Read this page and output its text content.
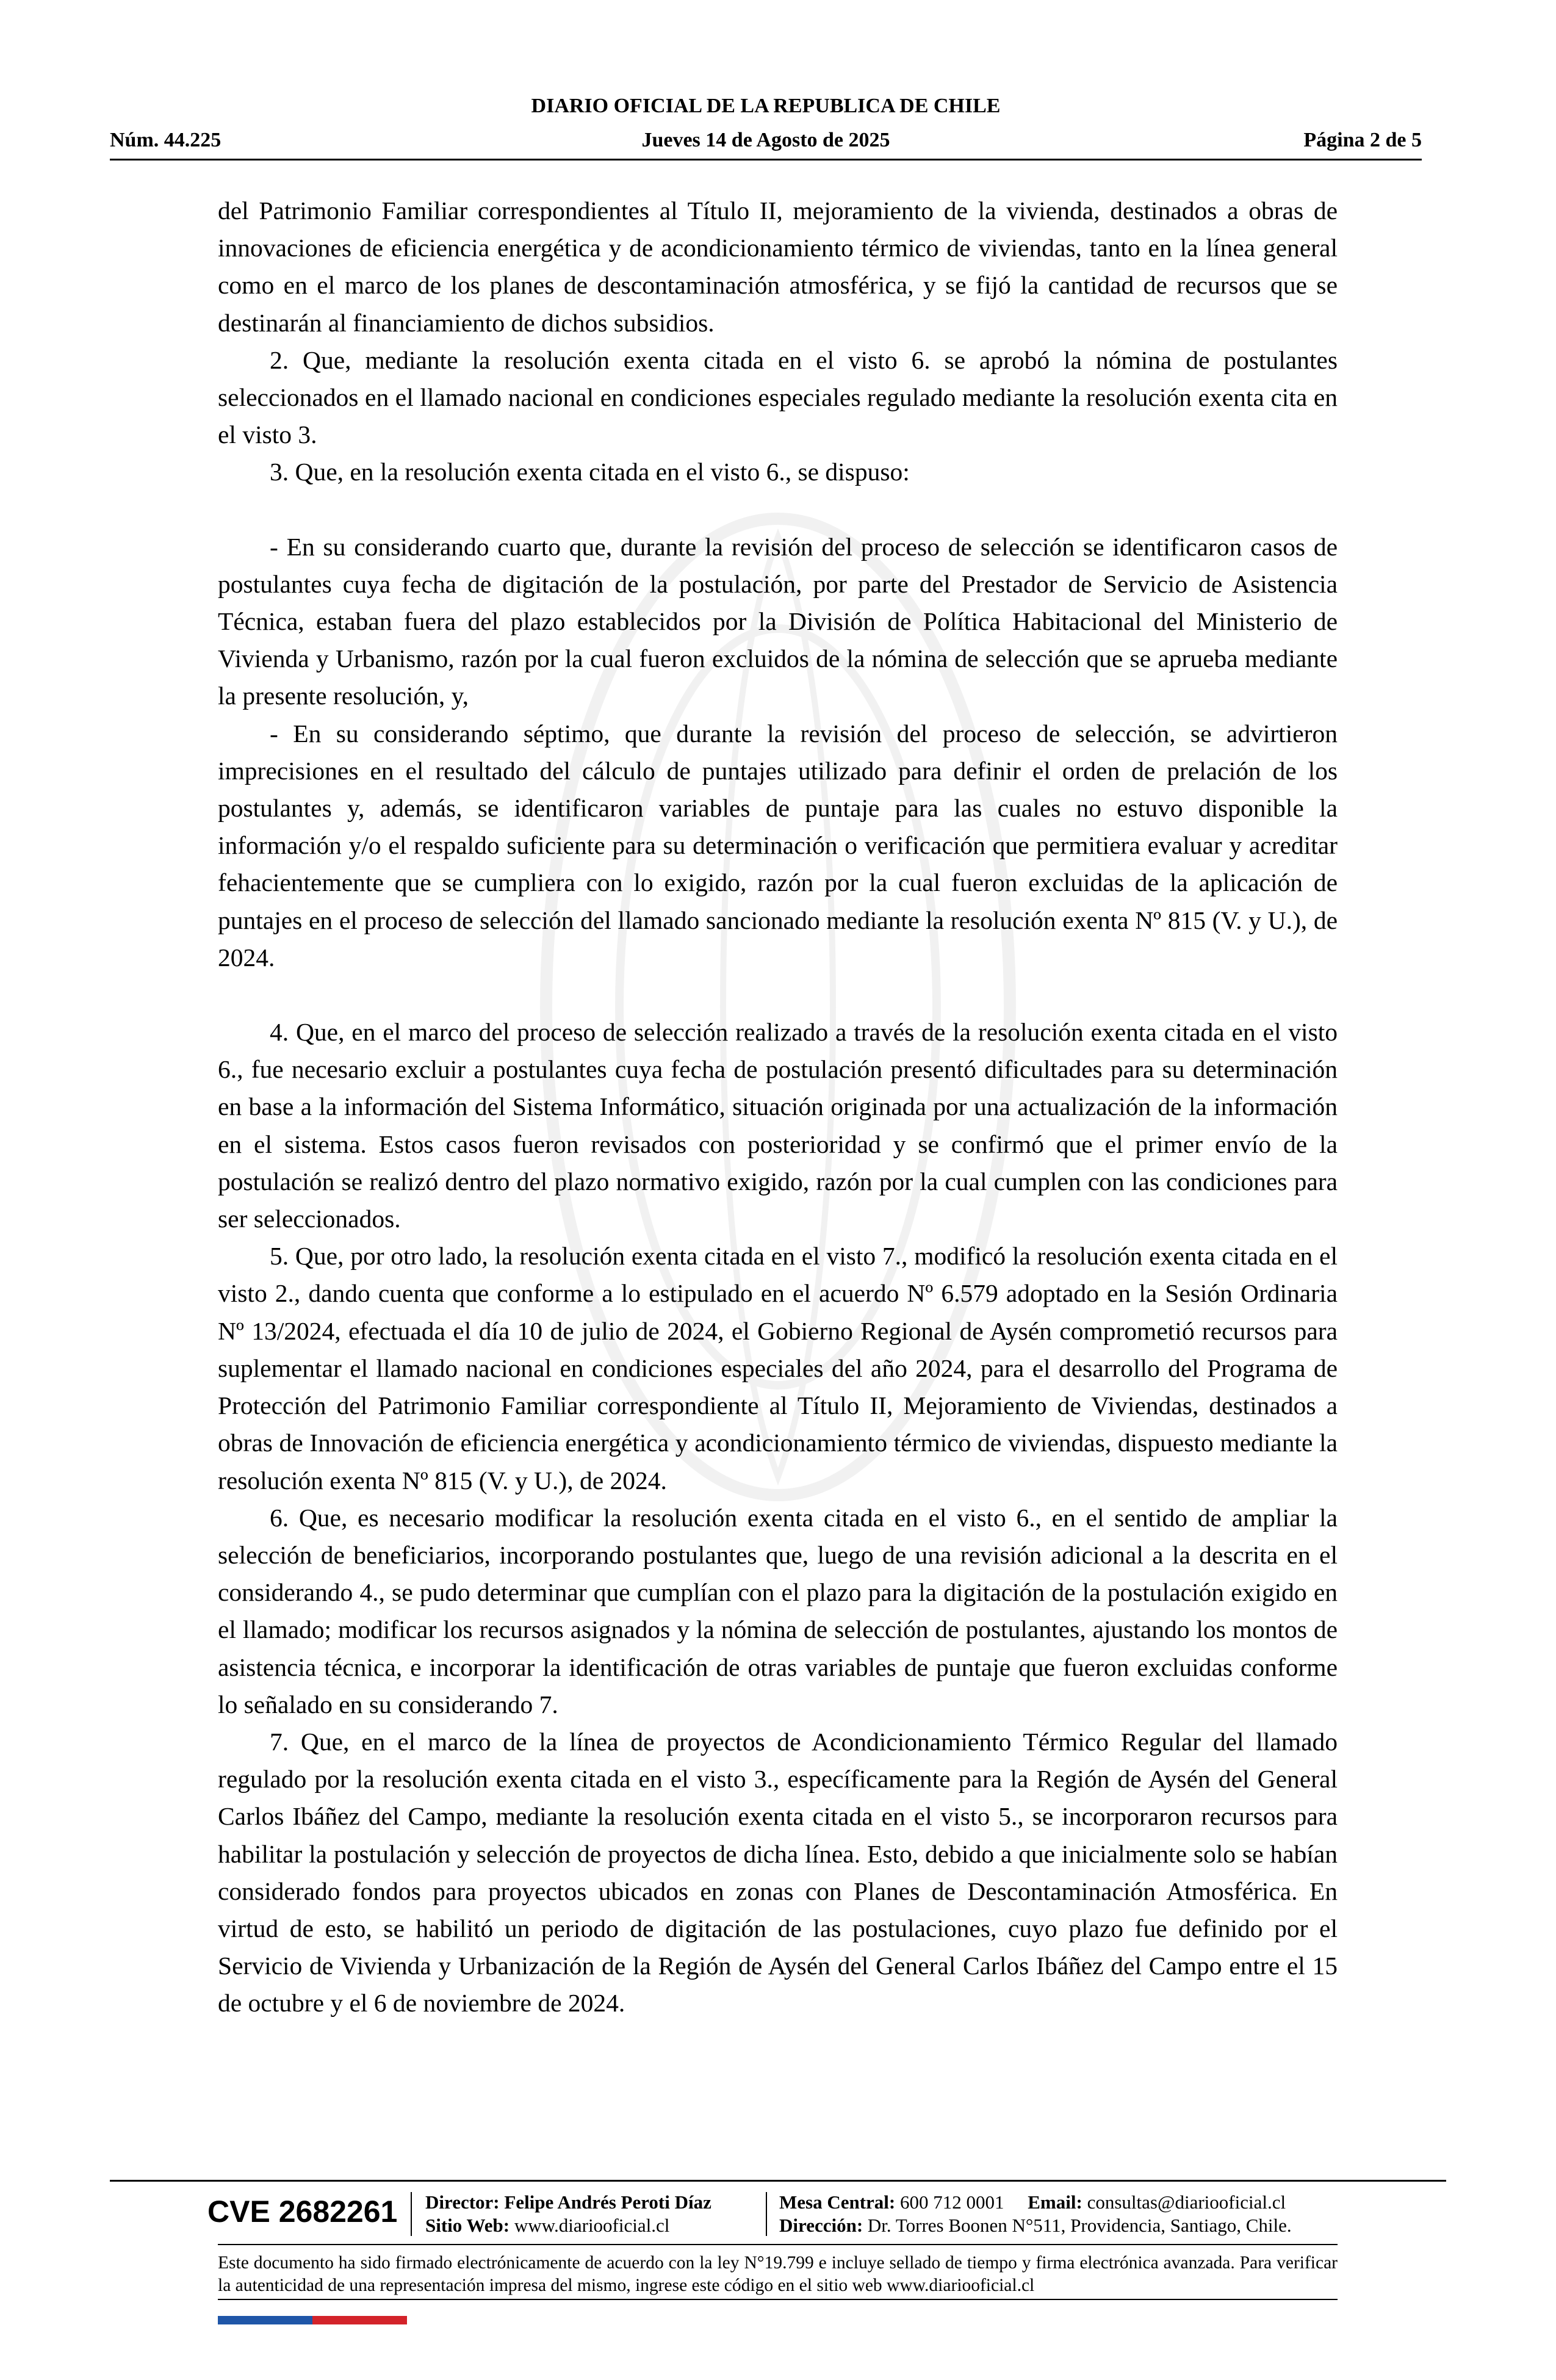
DIARIO OFICIAL DE LA REPUBLICA DE CHILE
Núm. 44.225	Jueves 14 de Agosto de 2025	Página 2 de 5

del Patrimonio Familiar correspondientes al Título II, mejoramiento de la vivienda, destinados a obras de innovaciones de eficiencia energética y de acondicionamiento térmico de viviendas, tanto en la línea general como en el marco de los planes de descontaminación atmosférica, y se fijó la cantidad de recursos que se destinarán al financiamiento de dichos subsidios.

2. Que, mediante la resolución exenta citada en el visto 6. se aprobó la nómina de postulantes seleccionados en el llamado nacional en condiciones especiales regulado mediante la resolución exenta cita en el visto 3.

3. Que, en la resolución exenta citada en el visto 6., se dispuso:

- En su considerando cuarto que, durante la revisión del proceso de selección se identificaron casos de postulantes cuya fecha de digitación de la postulación, por parte del Prestador de Servicio de Asistencia Técnica, estaban fuera del plazo establecidos por la División de Política Habitacional del Ministerio de Vivienda y Urbanismo, razón por la cual fueron excluidos de la nómina de selección que se aprueba mediante la presente resolución, y,

- En su considerando séptimo, que durante la revisión del proceso de selección, se advirtieron imprecisiones en el resultado del cálculo de puntajes utilizado para definir el orden de prelación de los postulantes y, además, se identificaron variables de puntaje para las cuales no estuvo disponible la información y/o el respaldo suficiente para su determinación o verificación que permitiera evaluar y acreditar fehacientemente que se cumpliera con lo exigido, razón por la cual fueron excluidas de la aplicación de puntajes en el proceso de selección del llamado sancionado mediante la resolución exenta Nº 815 (V. y U.), de 2024.

4. Que, en el marco del proceso de selección realizado a través de la resolución exenta citada en el visto 6., fue necesario excluir a postulantes cuya fecha de postulación presentó dificultades para su determinación en base a la información del Sistema Informático, situación originada por una actualización de la información en el sistema. Estos casos fueron revisados con posterioridad y se confirmó que el primer envío de la postulación se realizó dentro del plazo normativo exigido, razón por la cual cumplen con las condiciones para ser seleccionados.

5. Que, por otro lado, la resolución exenta citada en el visto 7., modificó la resolución exenta citada en el visto 2., dando cuenta que conforme a lo estipulado en el acuerdo Nº 6.579 adoptado en la Sesión Ordinaria Nº 13/2024, efectuada el día 10 de julio de 2024, el Gobierno Regional de Aysén comprometió recursos para suplementar el llamado nacional en condiciones especiales del año 2024, para el desarrollo del Programa de Protección del Patrimonio Familiar correspondiente al Título II, Mejoramiento de Viviendas, destinados a obras de Innovación de eficiencia energética y acondicionamiento térmico de viviendas, dispuesto mediante la resolución exenta Nº 815 (V. y U.), de 2024.

6. Que, es necesario modificar la resolución exenta citada en el visto 6., en el sentido de ampliar la selección de beneficiarios, incorporando postulantes que, luego de una revisión adicional a la descrita en el considerando 4., se pudo determinar que cumplían con el plazo para la digitación de la postulación exigido en el llamado; modificar los recursos asignados y la nómina de selección de postulantes, ajustando los montos de asistencia técnica, e incorporar la identificación de otras variables de puntaje que fueron excluidas conforme lo señalado en su considerando 7.

7. Que, en el marco de la línea de proyectos de Acondicionamiento Térmico Regular del llamado regulado por la resolución exenta citada en el visto 3., específicamente para la Región de Aysén del General Carlos Ibáñez del Campo, mediante la resolución exenta citada en el visto 5., se incorporaron recursos para habilitar la postulación y selección de proyectos de dicha línea. Esto, debido a que inicialmente solo se habían considerado fondos para proyectos ubicados en zonas con Planes de Descontaminación Atmosférica. En virtud de esto, se habilitó un periodo de digitación de las postulaciones, cuyo plazo fue definido por el Servicio de Vivienda y Urbanización de la Región de Aysén del General Carlos Ibáñez del Campo entre el 15 de octubre y el 6 de noviembre de 2024.

CVE 2682261 Director: Felipe Andrés Peroti Díaz
Sitio Web: www.diariooficial.cl
Mesa Central: 600 712 0001 Email: consultas@diariooficial.cl
Dirección: Dr. Torres Boonen N°511, Providencia, Santiago, Chile.
Este documento ha sido firmado electrónicamente de acuerdo con la ley N°19.799 e incluye sellado de tiempo y firma electrónica avanzada. Para verificar la autenticidad de una representación impresa del mismo, ingrese este código en el sitio web www.diariooficial.cl
